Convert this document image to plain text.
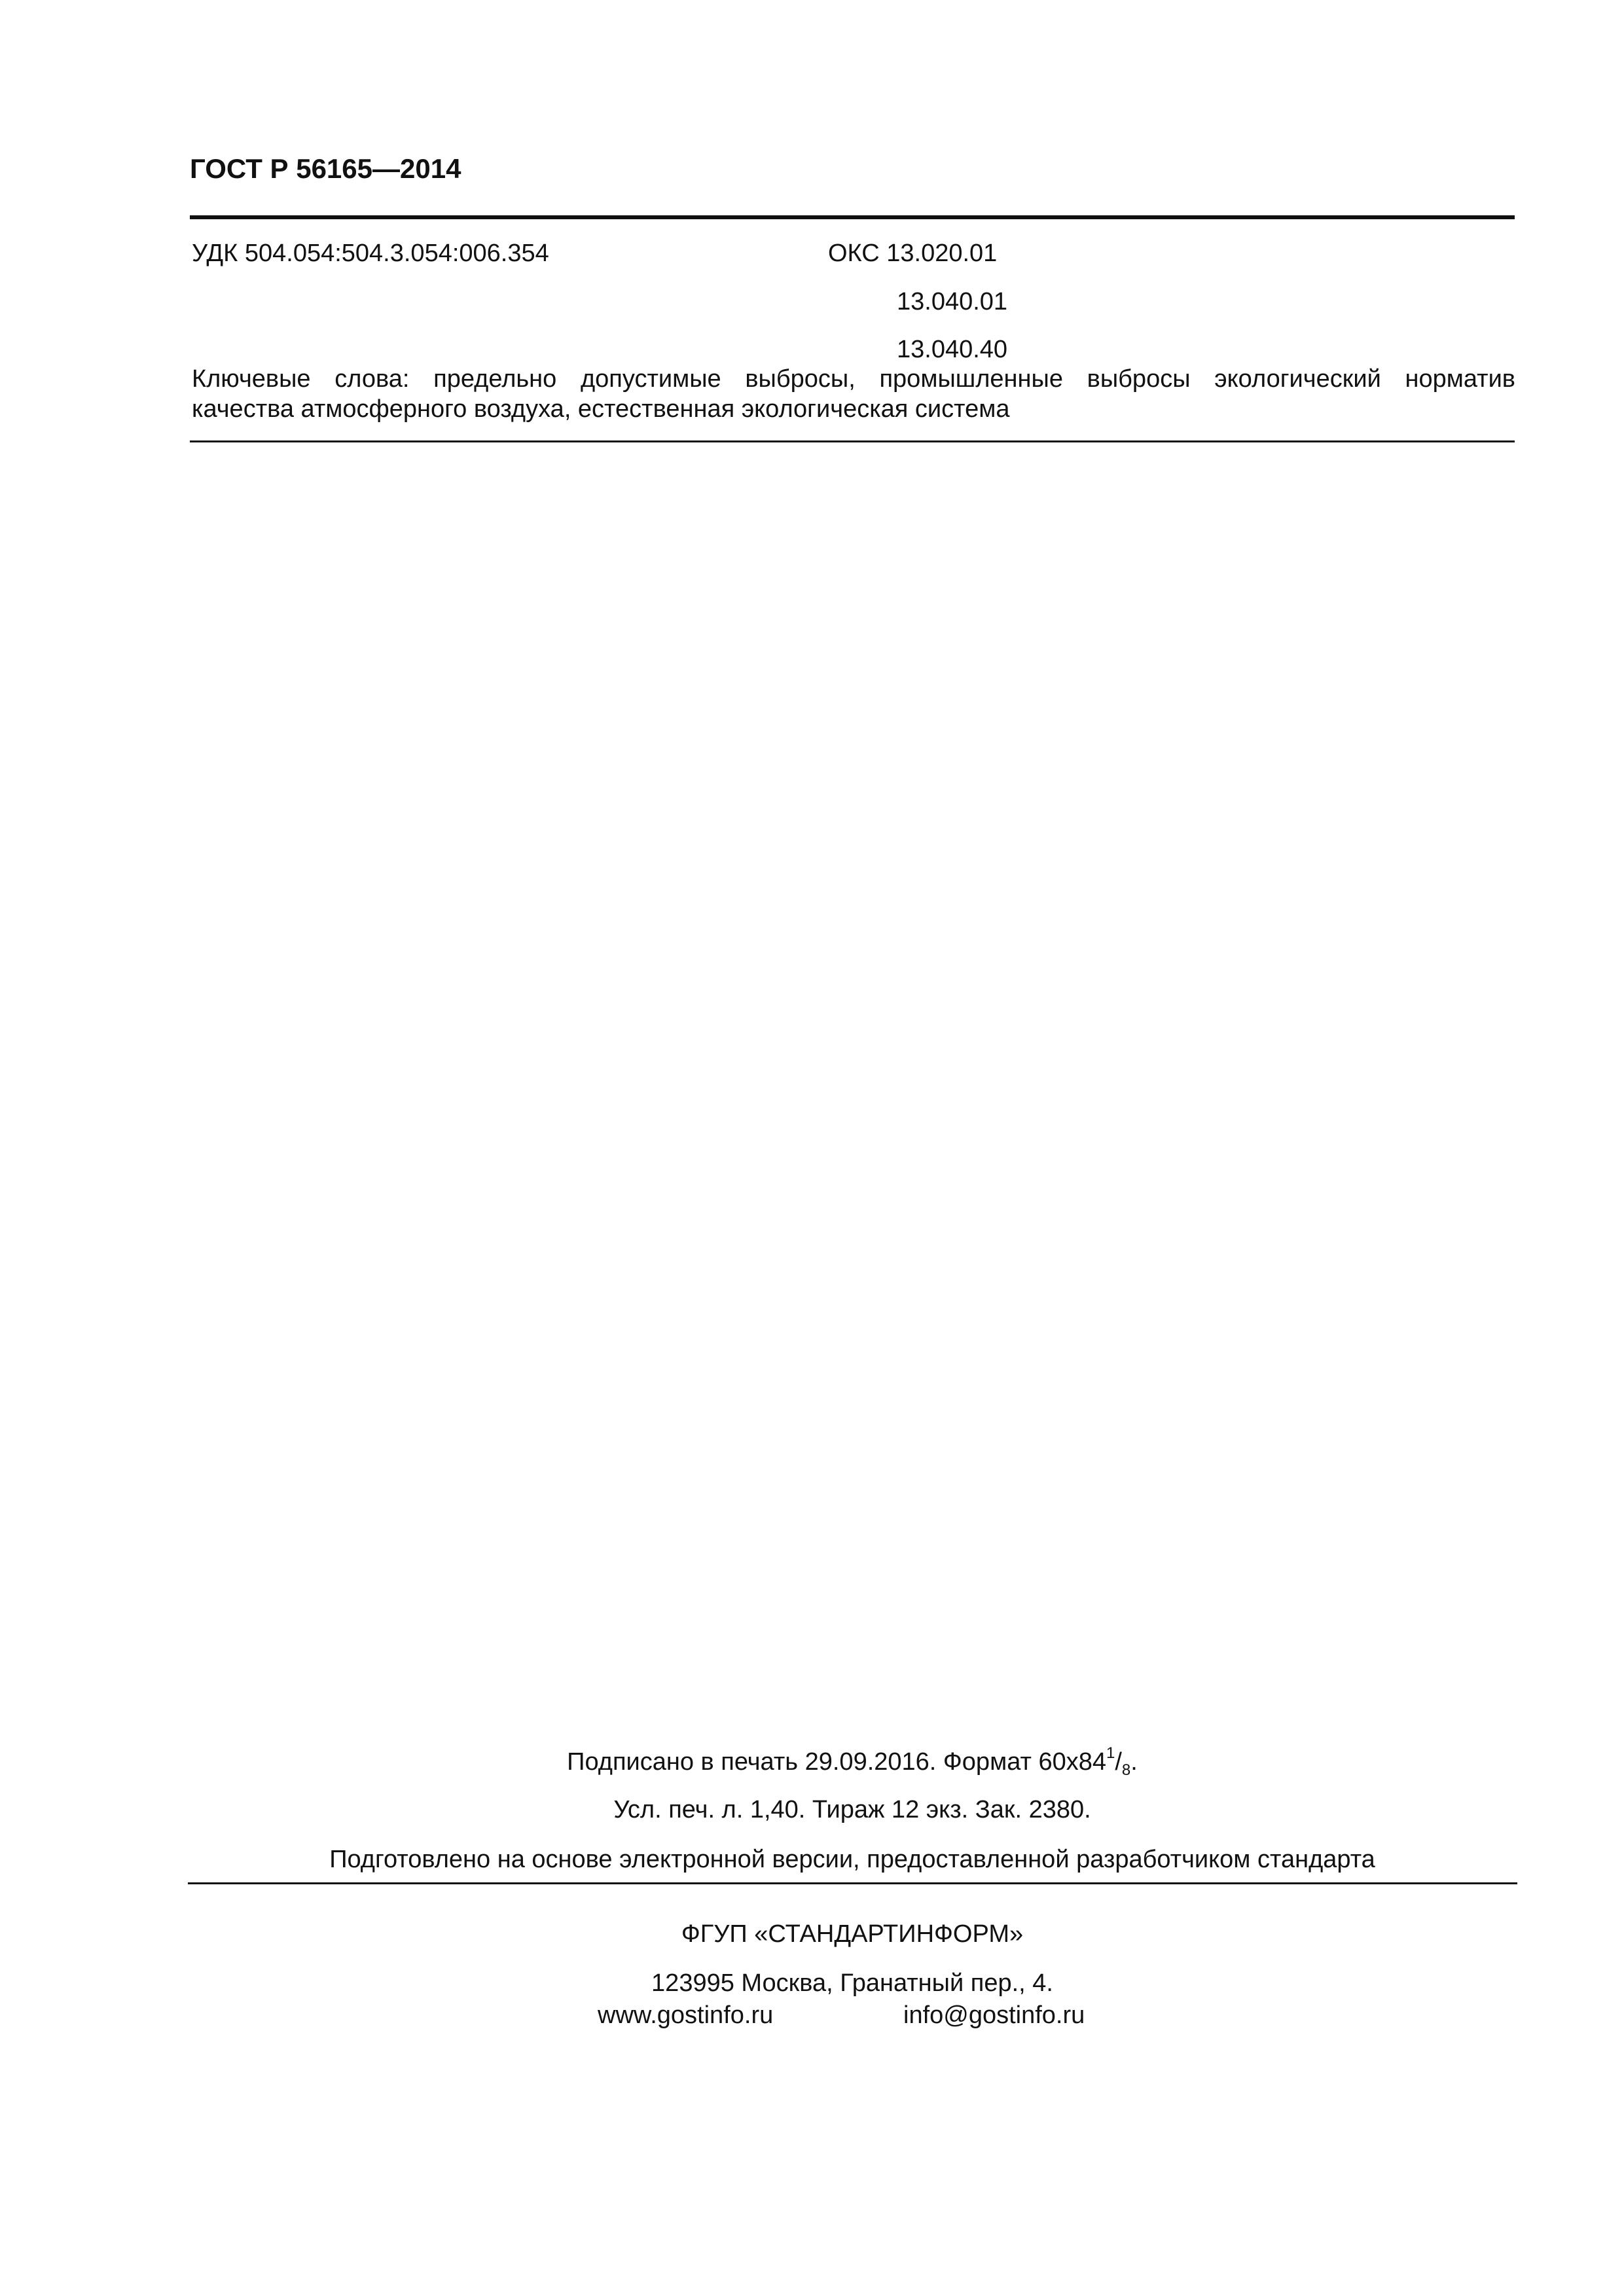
ГОСТ Р 56165—2014
УДК 504.054:504.3.054:006.354	ОКС 13.020.01
13.040.01
13.040.40
Ключевые слова: предельно допустимые выбросы, промышленные выбросы экологический норматив
качества атмосферного воздуха, естественная экологическая система
Подписано в печать 29.09.2016. Формат $60х84^1/_8$.
Усл. печ. л. 1,40. Тираж 12 экз. Зак. 2380.
Подготовлено на основе электронной версии, предоставленной разработчиком стандарта
ФГУП «СТАНДАРТИНФОРМ»
123995 Москва, Гранатный пер., 4.
www.gostinfo.ru	info@gostinfo.ru
